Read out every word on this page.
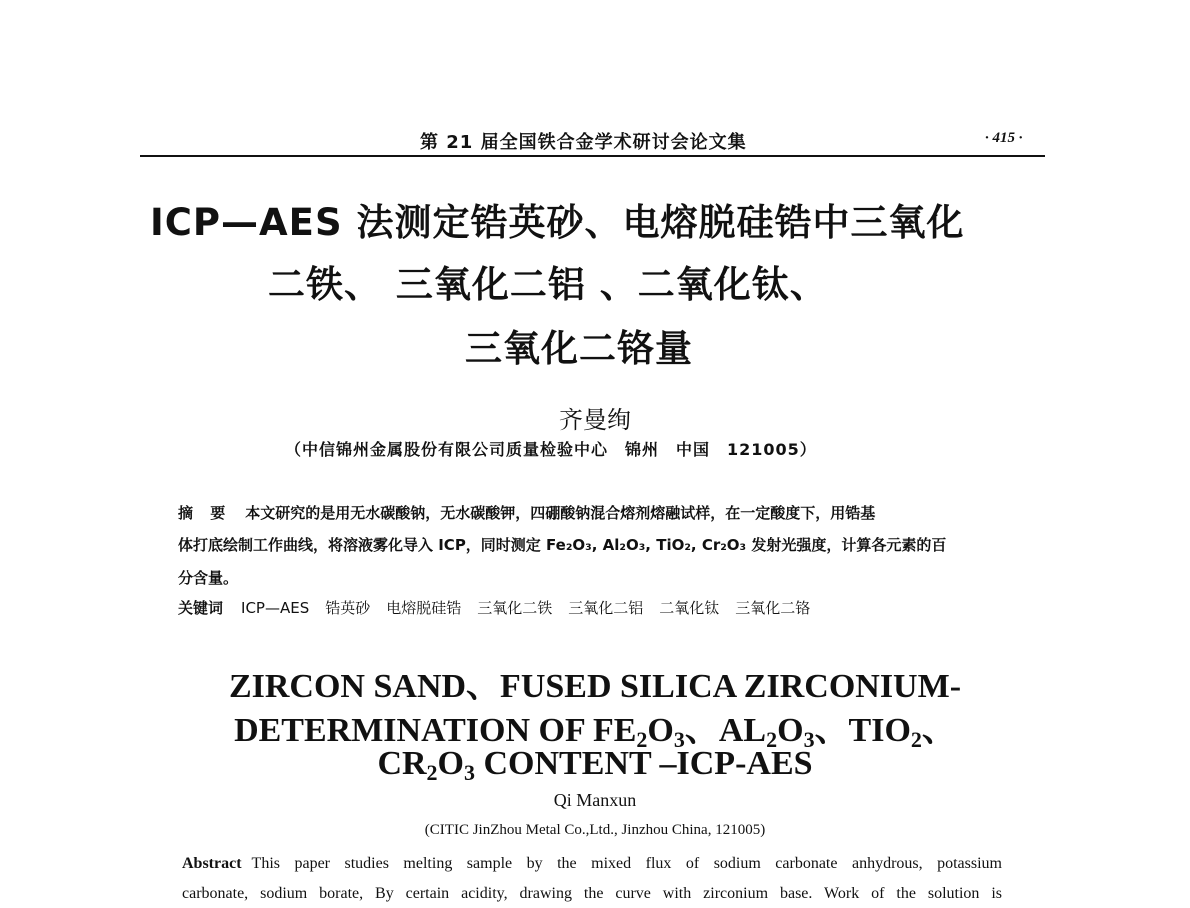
第 21 届全国铁合金学术研讨会论文集	· 415 ·
ICP—AES 法测定锆英砂、电熔脱硅锆中三氧化
二铁、 三氧化二铝 、二氧化钛、
三氧化二铬量
齐曼绚
（中信锦州金属股份有限公司质量检验中心　锦州　中国　121005）
摘 要 本文研究的是用无水碳酸钠，无水碳酸钾，四硼酸钠混合熔剂熔融试样，在一定酸度下，用锆基
体打底绘制工作曲线，将溶液雾化导入 ICP，同时测定 Fe₂O₃, Al₂O₃, TiO₂, Cr₂O₃ 发射光强度，计算各元素的百
分含量。
关键词 ICP—AES 锆英砂 电熔脱硅锆 三氧化二铁 三氧化二铝 二氧化钛 三氧化二铬
ZIRCON SAND、FUSED SILICA ZIRCONIUM-
DETERMINATION OF $FE_2O_3$、$AL_2O_3$、$TIO_2$、
$CR_2O_3$ CONTENT –ICP-AES
Qi Manxun
(CITIC JinZhou Metal Co.,Ltd., Jinzhou China, 121005)
Abstract This paper studies melting sample by the mixed flux of sodium carbonate anhydrous, potassium
carbonate, sodium borate, By certain acidity, drawing the curve with zirconium base. Work of the solution is
